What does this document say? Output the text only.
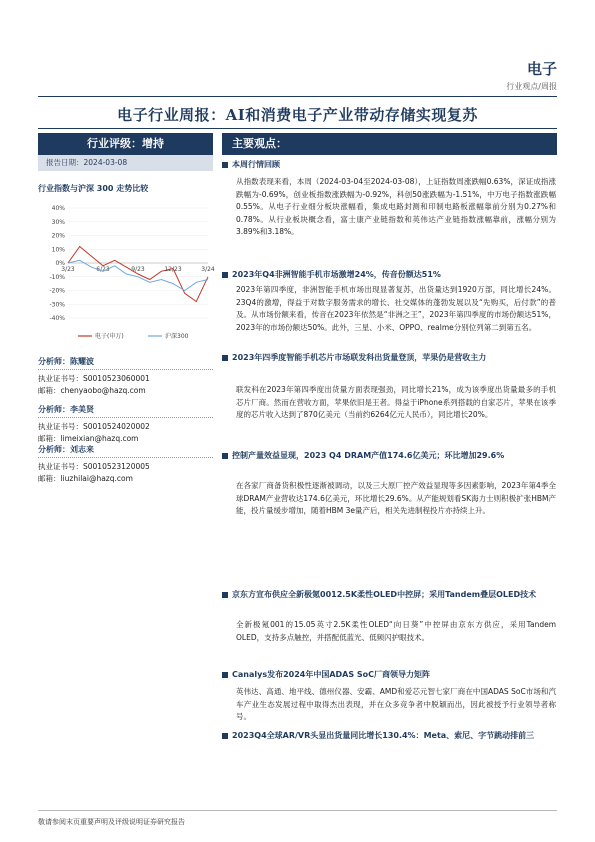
电子
行业观点/周报
电子行业周报：AI和消费电子产业带动存储实现复苏
行业评级：增持
报告日期：2024-03-08
行业指数与沪深 300 走势比较
40%
30%
20%
10%
0%
-10%
-20%
-30%
-40%
3/23	6/23	9/23	12/23	3/24
电子(申万)	沪深300
分析师：陈耀波
执业证书号：S0010523060001
邮箱：chenyaobo@hazq.com
分析师：李美贤
执业证书号：S0010524020002
邮箱：limeixian@hazq.com
分析师：刘志来
执业证书号：S0010523120005
邮箱：liuzhilai@hazq.com
主要观点：
本周行情回顾
从指数表现来看，本周（2024-03-04至2024-03-08），上证指数周涨跌幅0.63%，深证成指涨跌幅为-0.69%，创业板指数涨跌幅为-0.92%，科创50涨跌幅为-1.51%，中万电子指数涨跌幅0.55%。从电子行业细分板块涨幅看，集成电路封测和印制电路板涨幅靠前分别为0.27%和0.78%。从行业板块概念看，富士康产业链指数和英伟达产业链指数涨幅靠前，涨幅分别为3.89%和3.18%。
2023年Q4非洲智能手机市场激增24%，传音份额达51%
2023年第四季度，非洲智能手机市场出现显著复苏，出货量达到1920万部，同比增长24%。23Q4的激增，得益于对数字服务需求的增长、社交媒体的蓬勃发展以及“先购买，后付款”的普及。从市场份额来看，传音在2023年依然是“非洲之王”，2023年第四季度的市场份额达51%，2023年的市场份额达50%。此外，三星、小米、OPPO、realme分别位列第二到第五名。
2023年四季度智能手机芯片市场联发科出货量登顶，苹果仍是营收主力
联发科在2023年第四季度出货量方面表现强劲，同比增长21%，成为该季度出货量最多的手机芯片厂商。然而在营收方面，苹果依旧是王者。得益于iPhone系列搭载的自家芯片，苹果在该季度的芯片收入达到了870亿美元（当前约6264亿元人民币），同比增长20%。
控制产量效益显现，2023 Q4 DRAM产值174.6亿美元；环比增加29.6%
在各家厂商备货积极性逐渐被调动，以及三大原厂控产效益显现等多因素影响，2023年第4季全球DRAM产业营收达174.6亿美元，环比增长29.6%。从产能规划看SK海力士则积极扩张HBM产能，投片量缓步增加，随着HBM 3e量产后，相关先进制程投片亦持续上升。
京东方宣布供应全新极氪0012.5K柔性OLED中控屏；采用Tandem叠层OLED技术
全新极氪001的15.05英寸2.5K柔性OLED“向日葵”中控屏由京东方供应，采用Tandem OLED，支持多点触控，并搭配低蓝光、低频闪护眼技术。
Canalys发布2024年中国ADAS SoC厂商领导力矩阵
英伟达、高通、地平线、德州仪器、安霸、AMD和爱芯元智七家厂商在中国ADAS SoC市场和汽车产业生态发展过程中取得杰出表现，并在众多竞争者中脱颖而出，因此被授予行业领导者称号。
2023Q4全球AR/VR头显出货量同比增长130.4%：Meta、索尼、字节跳动排前三
敬请参阅末页重要声明及评级说明证券研究报告
